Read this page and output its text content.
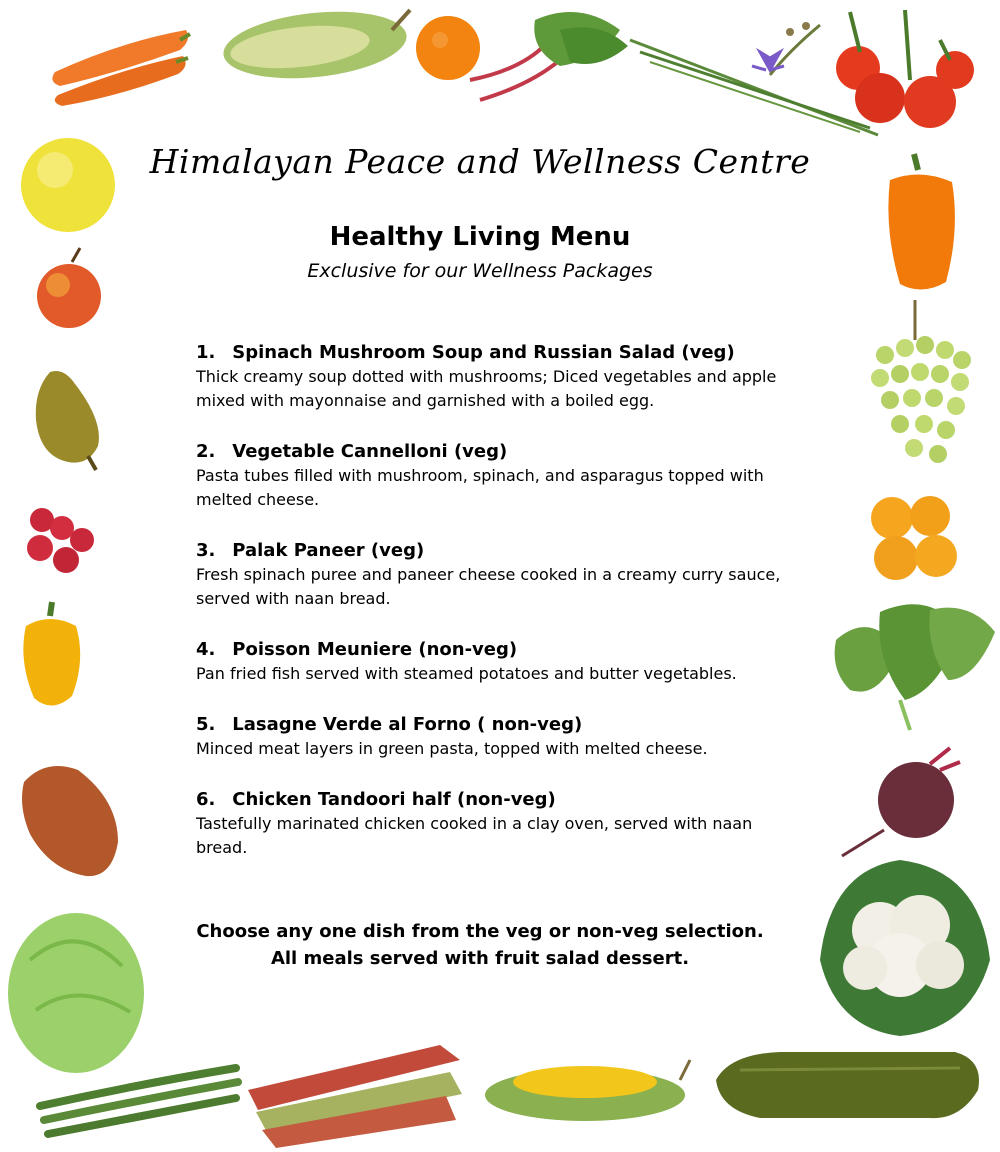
Himalayan Peace and Wellness Centre
Healthy Living Menu
Exclusive for our Wellness Packages
1. Spinach Mushroom Soup and Russian Salad (veg)
Thick creamy soup dotted with mushrooms; Diced vegetables and apple mixed with mayonnaise and garnished with a boiled egg.
2. Vegetable Cannelloni (veg)
Pasta tubes filled with mushroom, spinach, and asparagus topped with melted cheese.
3. Palak Paneer (veg)
Fresh spinach puree and paneer cheese cooked in a creamy curry sauce, served with naan bread.
4. Poisson Meuniere (non-veg)
Pan fried fish served with steamed potatoes and butter vegetables.
5. Lasagne Verde al Forno ( non-veg)
Minced meat layers in green pasta, topped with melted cheese.
6. Chicken Tandoori half (non-veg)
Tastefully marinated chicken cooked in a clay oven, served with naan bread.
Choose any one dish from the veg or non-veg selection.
All meals served with fruit salad dessert.
